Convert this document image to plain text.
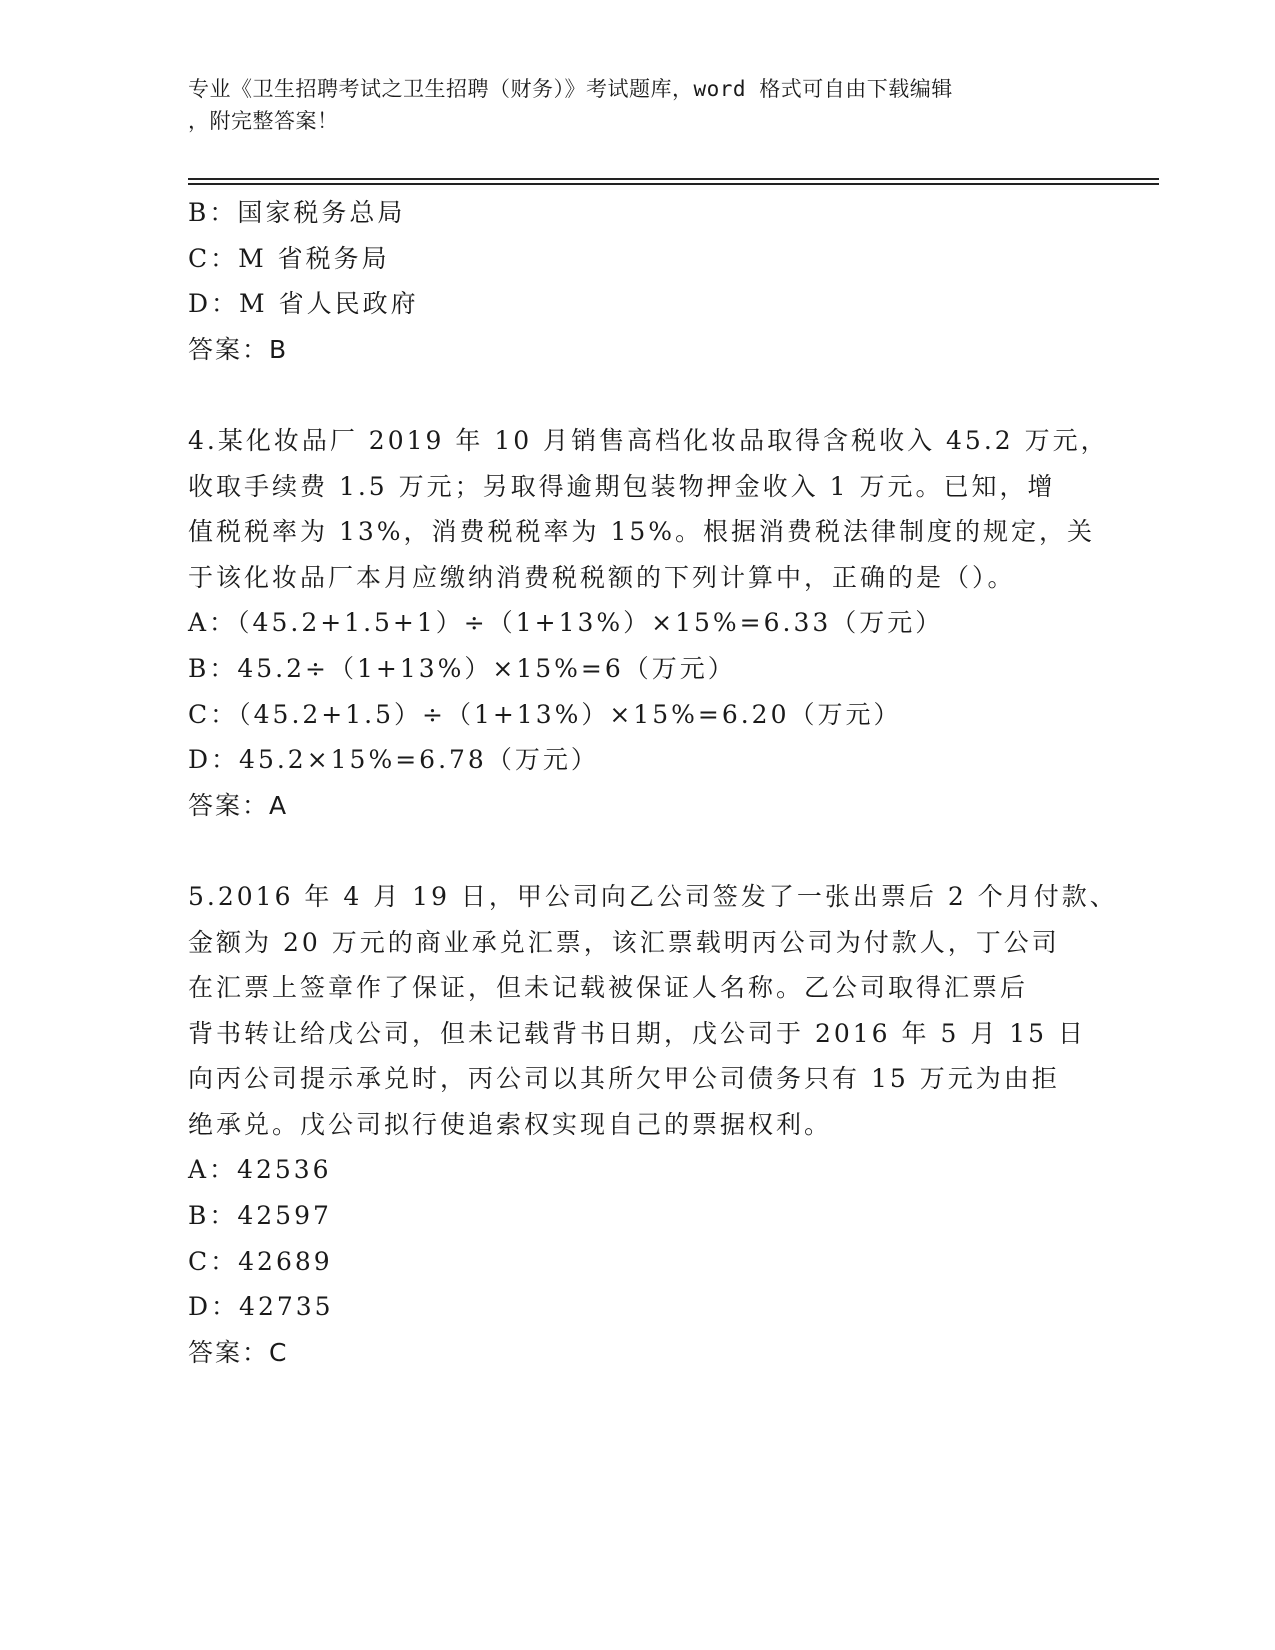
专业《卫生招聘考试之卫生招聘（财务）》考试题库，word 格式可自由下载编辑
，附完整答案！
B：国家税务总局
C：M 省税务局
D：M 省人民政府
答案：B
4.某化妆品厂 2019 年 10 月销售高档化妆品取得含税收入 45.2 万元，
收取手续费 1.5 万元；另取得逾期包装物押金收入 1 万元。已知，增
值税税率为 13%，消费税税率为 15%。根据消费税法律制度的规定，关
于该化妆品厂本月应缴纳消费税税额的下列计算中，正确的是（）。
A：（45.2+1.5+1）÷（1+13%）×15%=6.33（万元）
B：45.2÷（1+13%）×15%=6（万元）
C：（45.2+1.5）÷（1+13%）×15%=6.20（万元）
D：45.2×15%=6.78（万元）
答案：A
5.2016 年 4 月 19 日，甲公司向乙公司签发了一张出票后 2 个月付款、
金额为 20 万元的商业承兑汇票，该汇票载明丙公司为付款人，丁公司
在汇票上签章作了保证，但未记载被保证人名称。乙公司取得汇票后
背书转让给戊公司，但未记载背书日期，戊公司于 2016 年 5 月 15 日
向丙公司提示承兑时，丙公司以其所欠甲公司债务只有 15 万元为由拒
绝承兑。戊公司拟行使追索权实现自己的票据权利。
A：42536
B：42597
C：42689
D：42735
答案：C
